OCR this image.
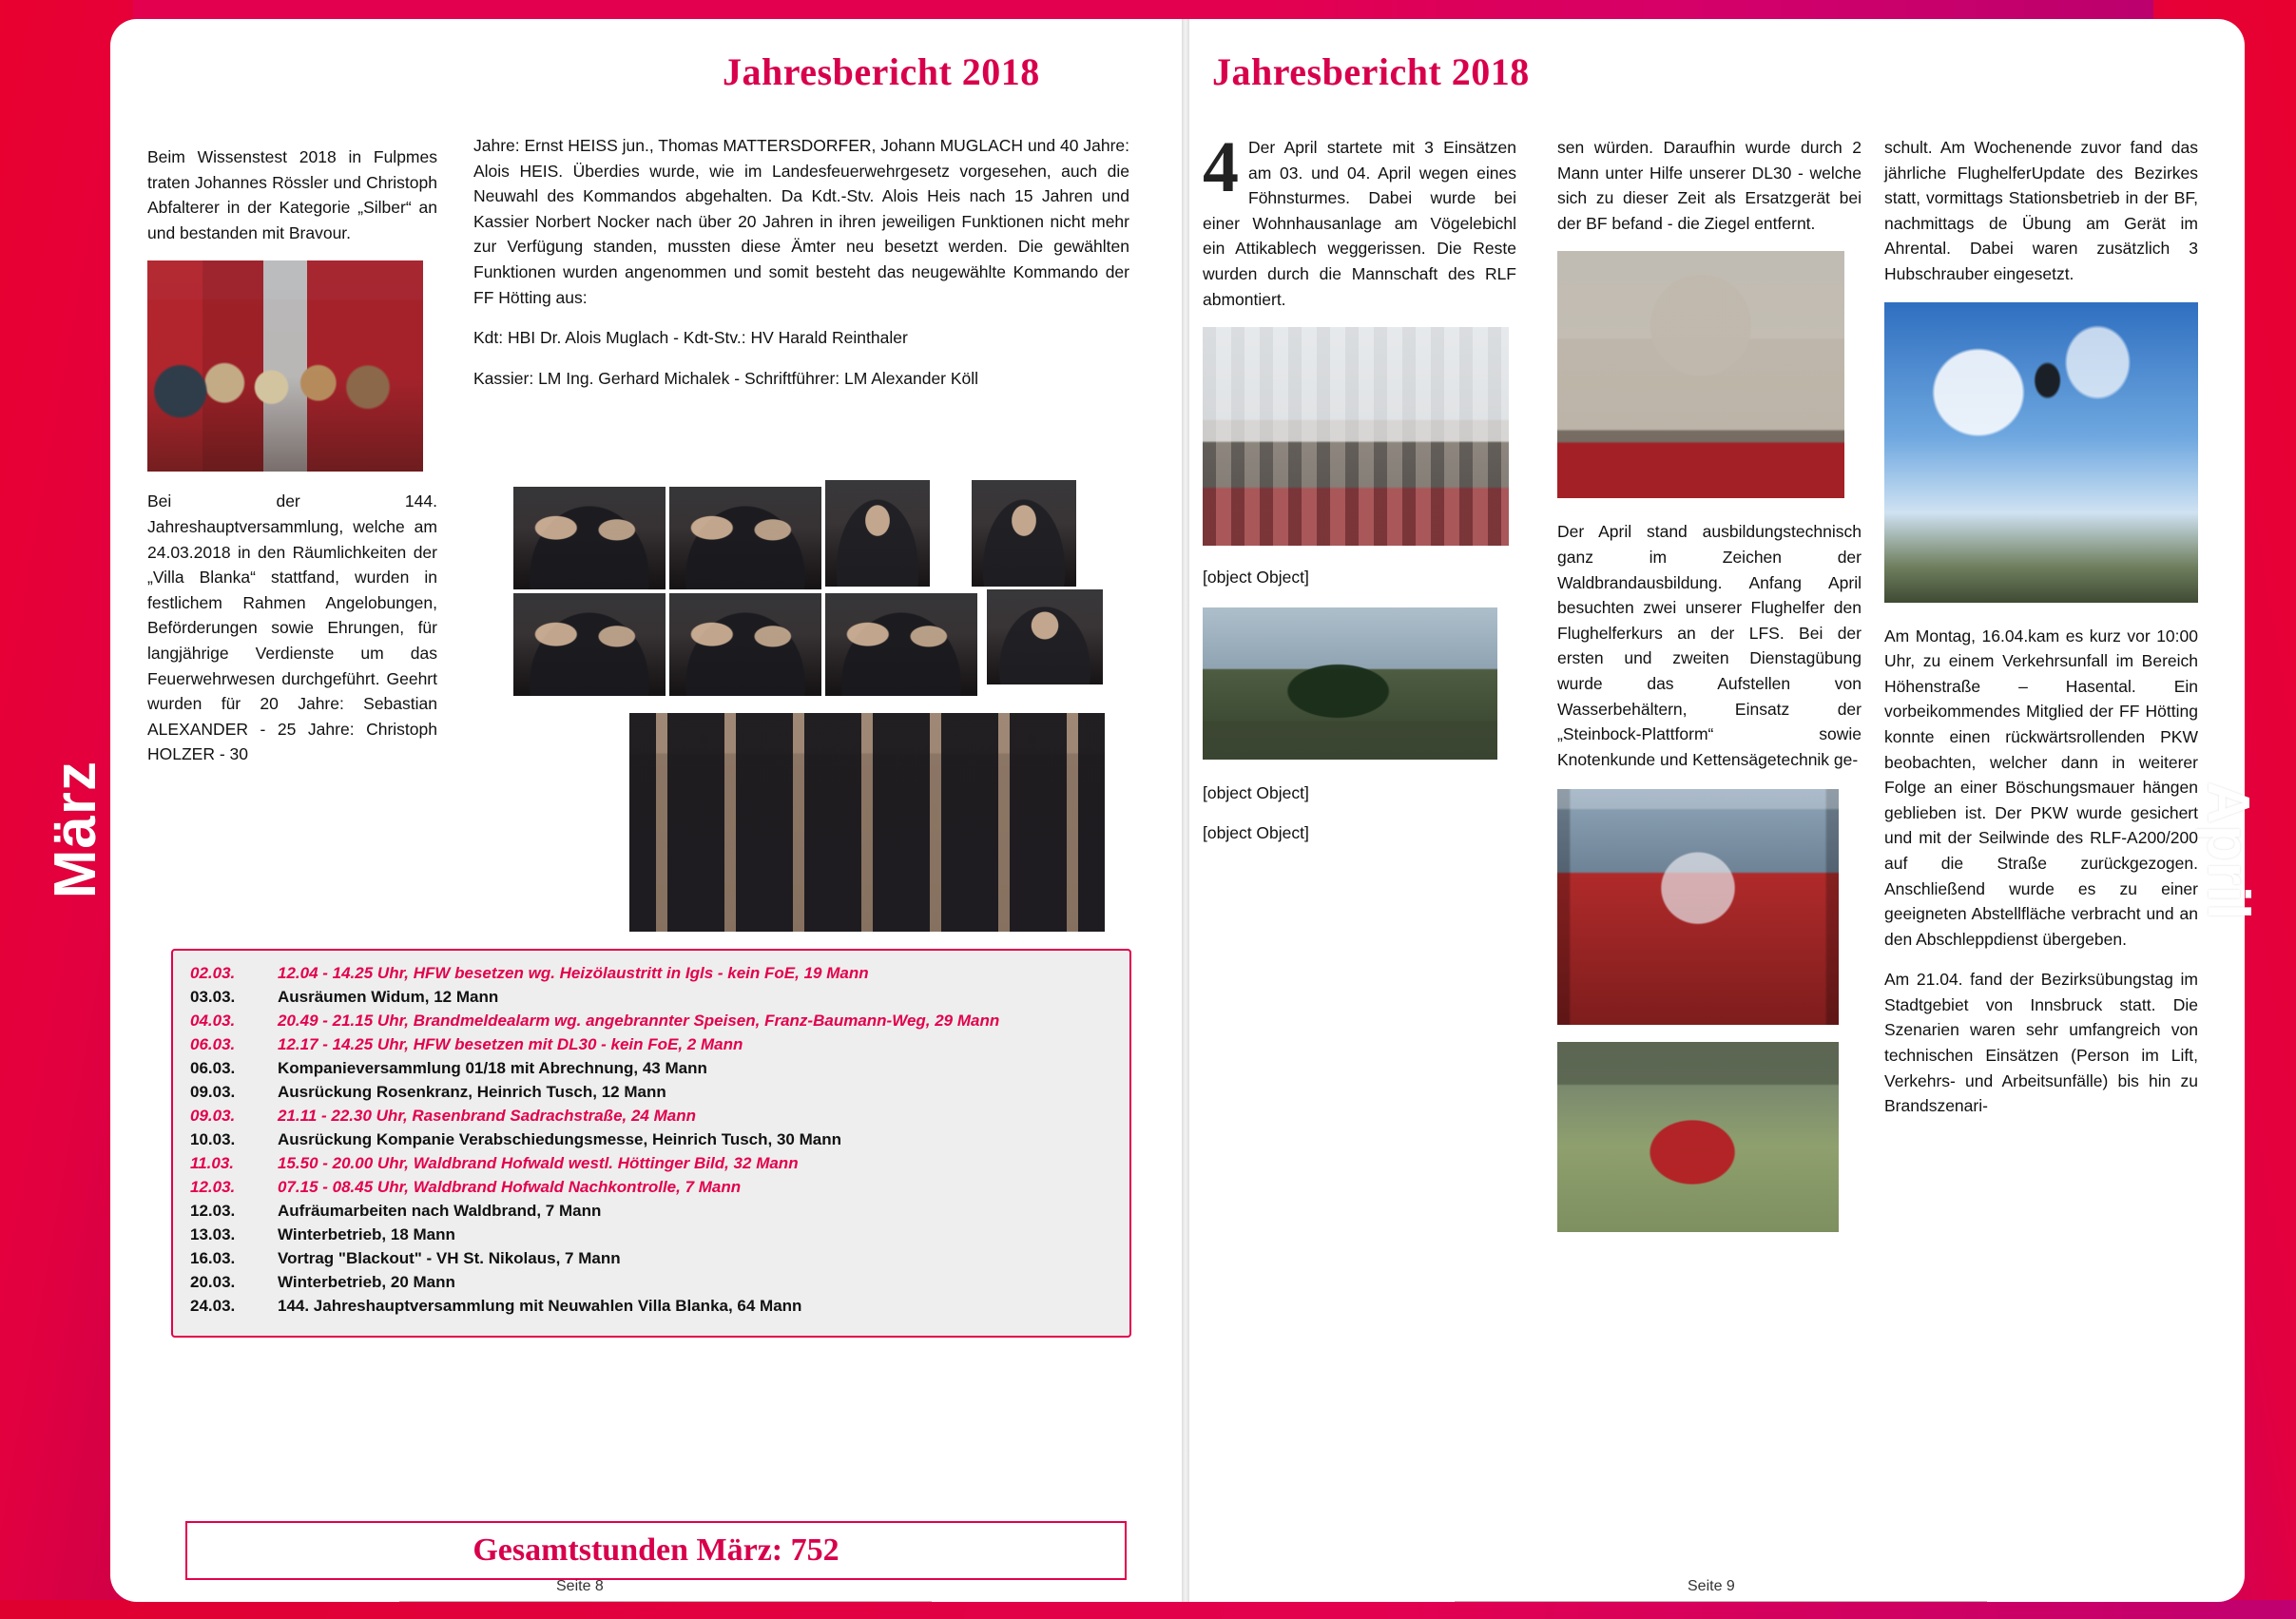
März	April
Jahresbericht 2018	Jahresbericht 2018

Beim Wissenstest 2018 in Fulpmes traten Johannes Rössler und Christoph Abfalterer in der Kategorie „Silber“ an und bestanden mit Bravour.

Bei der 144. Jahreshauptversammlung, welche am 24.03.2018 in den Räumlichkeiten der „Villa Blanka“ stattfand, wurden in festlichem Rahmen Angelobungen, Beförderungen sowie Ehrungen, für langjährige Verdienste um das Feuerwehrwesen durchgeführt. Geehrt wurden für 20 Jahre: Sebastian ALEXANDER - 25 Jahre: Christoph HOLZER - 30

Jahre: Ernst HEISS jun., Thomas MATTERSDORFER, Johann MUGLACH und 40 Jahre: Alois HEIS. Überdies wurde, wie im Landesfeuerwehrgesetz vorgesehen, auch die Neuwahl des Kommandos abgehalten. Da Kdt.-Stv. Alois Heis nach 15 Jahren und Kassier Norbert Nocker nach über 20 Jahren in ihren jeweiligen Funktionen nicht mehr zur Verfügung standen, mussten diese Ämter neu besetzt werden. Die gewählten Funktionen wurden angenommen und somit besteht das neugewählte Kommando der FF Hötting aus:

Kdt: HBI Dr. Alois Muglach - Kdt-Stv.: HV Harald Reinthaler

Kassier: LM Ing. Gerhard Michalek - Schriftführer: LM Alexander Köll

02.03.	12.04 - 14.25 Uhr, HFW besetzen wg. Heizölaustritt in Igls - kein FoE, 19 Mann
03.03.	Ausräumen Widum, 12 Mann
04.03.	20.49 - 21.15 Uhr, Brandmeldealarm wg. angebrannter Speisen, Franz-Baumann-Weg, 29 Mann
06.03.	12.17 - 14.25 Uhr, HFW besetzen mit DL30 - kein FoE, 2 Mann
06.03.	Kompanieversammlung 01/18 mit Abrechnung, 43 Mann
09.03.	Ausrückung Rosenkranz, Heinrich Tusch, 12 Mann
09.03.	21.11 - 22.30 Uhr, Rasenbrand Sadrachstraße, 24 Mann
10.03.	Ausrückung Kompanie Verabschiedungsmesse, Heinrich Tusch, 30 Mann
11.03.	15.50 - 20.00 Uhr, Waldbrand Hofwald westl. Höttinger Bild, 32 Mann
12.03.	07.15 - 08.45 Uhr, Waldbrand Hofwald Nachkontrolle, 7 Mann
12.03.	Aufräumarbeiten nach Waldbrand, 7 Mann
13.03.	Winterbetrieb, 18 Mann
16.03.	Vortrag "Blackout" - VH St. Nikolaus, 7 Mann
20.03.	Winterbetrieb, 20 Mann
24.03.	144. Jahreshauptversammlung mit Neuwahlen Villa Blanka, 64 Mann
Gesamtstunden März: 752
Seite 8

4 Der April startete mit 3 Einsätzen am 03. und 04. April wegen eines Föhnsturmes. Dabei wurde bei einer Wohnhausanlage am Vögelebichl ein Attikablech weggerissen. Die Reste wurden durch die Mannschaft des RLF abmontiert.

[object Object]

[object Object]

[object Object]

sen würden. Daraufhin wurde durch 2 Mann unter Hilfe unserer DL30 - welche sich zu dieser Zeit als Ersatzgerät bei der BF befand - die Ziegel entfernt.

Der April stand ausbildungstechnisch ganz im Zeichen der Waldbrandausbildung. Anfang April besuchten zwei unserer Flughelfer den Flughelferkurs an der LFS. Bei der ersten und zweiten Dienstagübung wurde das Aufstellen von Wasserbehältern, Einsatz der „Steinbock-Plattform“ sowie Knotenkunde und Kettensägetechnik ge-

schult. Am Wochenende zuvor fand das jährliche FlughelferUpdate des Bezirkes statt, vormittags Stationsbetrieb in der BF, nachmittags de Übung am Gerät im Ahrental. Dabei waren zusätzlich 3 Hubschrauber eingesetzt.

Am Montag, 16.04.kam es kurz vor 10:00 Uhr, zu einem Verkehrsunfall im Bereich Höhenstraße – Hasental. Ein vorbeikommendes Mitglied der FF Hötting konnte einen rückwärtsrollenden PKW beobachten, welcher dann in weiterer Folge an einer Böschungsmauer hängen geblieben ist. Der PKW wurde gesichert und mit der Seilwinde des RLF-A200/200 auf die Straße zurückgezogen. Anschließend wurde es zu einer geeigneten Abstellfläche verbracht und an den Abschleppdienst übergeben.

Am 21.04. fand der Bezirksübungstag im Stadtgebiet von Innsbruck statt. Die Szenarien waren sehr umfangreich von technischen Einsätzen (Person im Lift, Verkehrs- und Arbeitsunfälle) bis hin zu Brandszenari-

Seite 9
